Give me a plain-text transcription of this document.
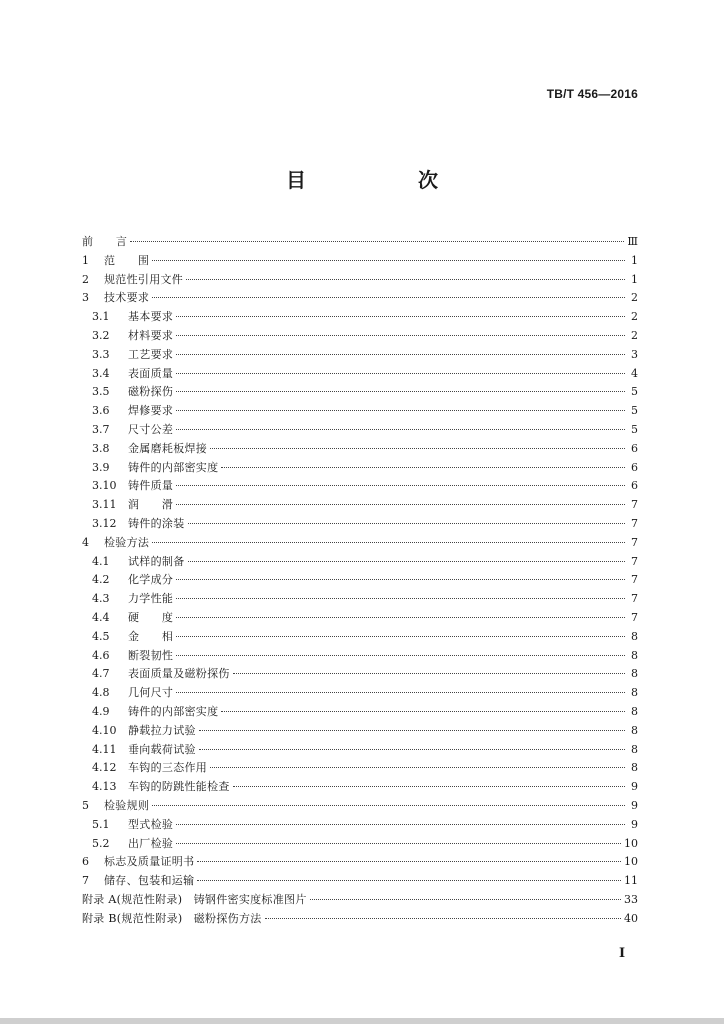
TB/T 456—2016
目　次
前　　言	Ⅲ
1	范　　围	1
2	规范性引用文件	1
3	技术要求	2
3.1	基本要求	2
3.2	材料要求	2
3.3	工艺要求	3
3.4	表面质量	4
3.5	磁粉探伤	5
3.6	焊修要求	5
3.7	尺寸公差	5
3.8	金属磨耗板焊接	6
3.9	铸件的内部密实度	6
3.10	铸件质量	6
3.11	润　　滑	7
3.12	铸件的涂装	7
4	检验方法	7
4.1	试样的制备	7
4.2	化学成分	7
4.3	力学性能	7
4.4	硬　　度	7
4.5	金　　相	8
4.6	断裂韧性	8
4.7	表面质量及磁粉探伤	8
4.8	几何尺寸	8
4.9	铸件的内部密实度	8
4.10	静载拉力试验	8
4.11	垂向载荷试验	8
4.12	车钩的三态作用	8
4.13	车钩的防跳性能检查	9
5	检验规则	9
5.1	型式检验	9
5.2	出厂检验	10
6	标志及质量证明书	10
7	储存、包装和运输	11
附录 A(规范性附录)　铸钢件密实度标准图片	33
附录 B(规范性附录)　磁粉探伤方法	40
Ⅰ
